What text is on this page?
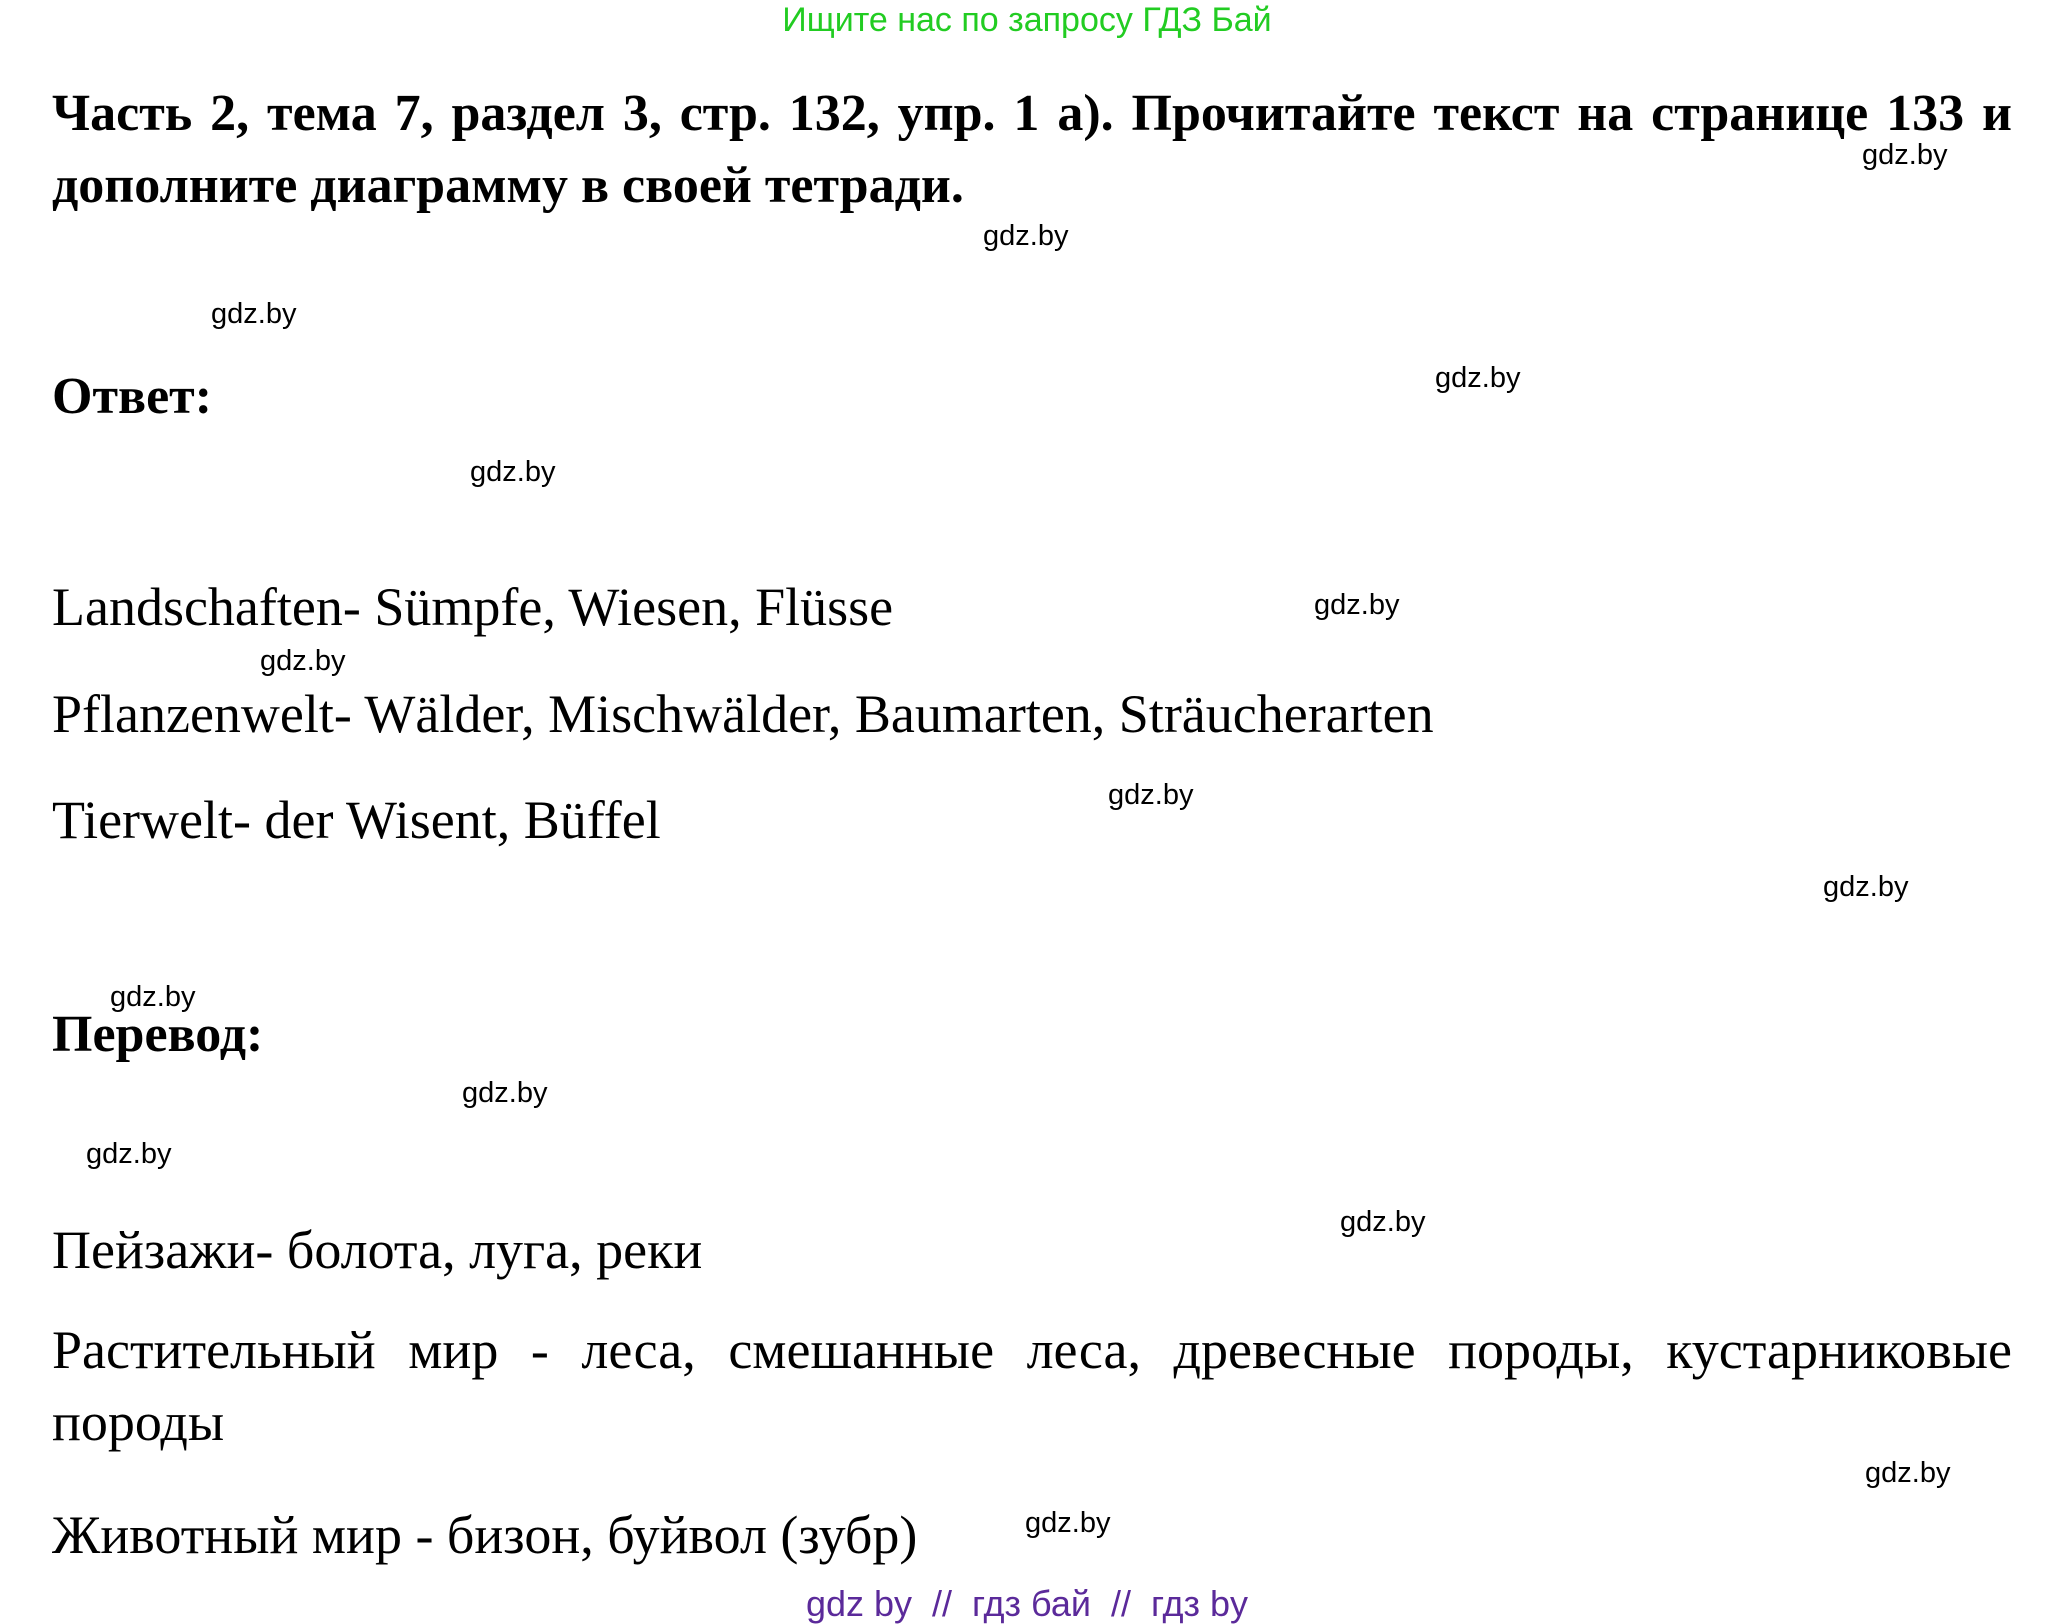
Ищите нас по запросу ГДЗ Бай
Часть 2, тема 7, раздел 3, стр. 132, упр. 1 а). Прочитайте текст на странице 133 и дополните диаграмму в своей тетради.
Ответ:
Landschaften- Sümpfe, Wiesen, Flüsse
Pflanzenwelt- Wälder, Mischwälder, Baumarten, Sträucherarten
Tierwelt- der Wisent, Büffel
Перевод:
Пейзажи- болота, луга, реки
Растительный мир - леса, смешанные леса, древесные породы, кустарниковые породы
Животный мир - бизон, буйвол (зубр)
gdz.by
gdz.by
gdz.by
gdz.by
gdz.by
gdz.by
gdz.by
gdz.by
gdz.by
gdz.by
gdz.by
gdz.by
gdz.by
gdz.by
gdz.by
gdz by  //  гдз бай  //  гдз by
